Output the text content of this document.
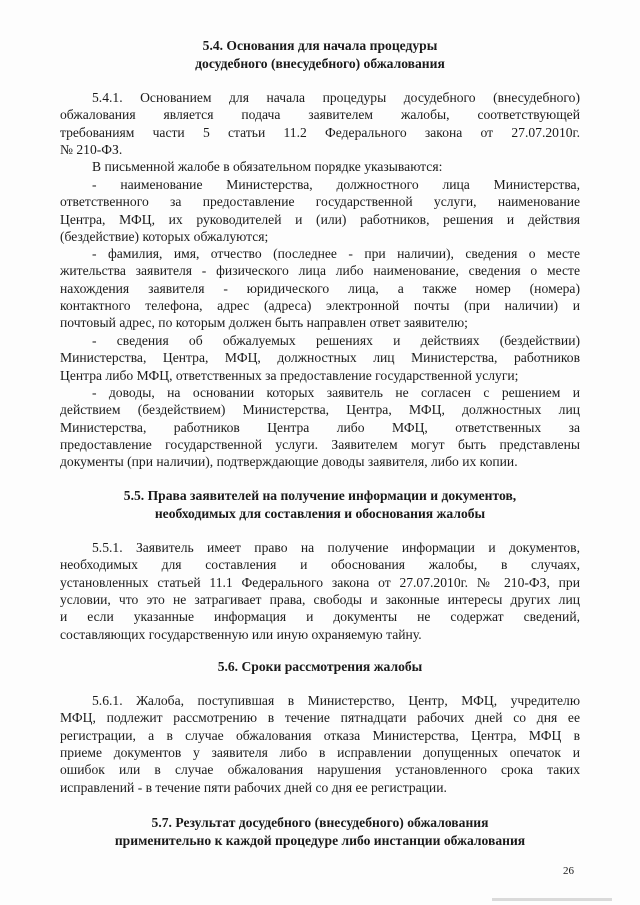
5.4. Основания для начала процедуры
досудебного (внесудебного) обжалования
5.4.1. Основанием для начала процедуры досудебного (внесудебного)
обжалования является подача заявителем жалобы, соответствующей
требованиям части 5 статьи 11.2 Федерального закона от 27.07.2010г.
№ 210-ФЗ.
В письменной жалобе в обязательном порядке указываются:
- наименование Министерства, должностного лица Министерства,
ответственного за предоставление государственной услуги, наименование
Центра, МФЦ, их руководителей и (или) работников, решения и действия
(бездействие) которых обжалуются;
- фамилия, имя, отчество (последнее - при наличии), сведения о месте
жительства заявителя - физического лица либо наименование, сведения о месте
нахождения заявителя - юридического лица, а также номер (номера)
контактного телефона, адрес (адреса) электронной почты (при наличии) и
почтовый адрес, по которым должен быть направлен ответ заявителю;
- сведения об обжалуемых решениях и действиях (бездействии)
Министерства, Центра, МФЦ, должностных лиц Министерства, работников
Центра либо МФЦ, ответственных за предоставление государственной услуги;
- доводы, на основании которых заявитель не согласен с решением и
действием (бездействием) Министерства, Центра, МФЦ, должностных лиц
Министерства, работников Центра либо МФЦ, ответственных за
предоставление государственной услуги. Заявителем могут быть представлены
документы (при наличии), подтверждающие доводы заявителя, либо их копии.
5.5. Права заявителей на получение информации и документов,
необходимых для составления и обоснования жалобы
5.5.1. Заявитель имеет право на получение информации и документов,
необходимых для составления и обоснования жалобы, в случаях,
установленных статьей 11.1 Федерального закона от 27.07.2010г. № 210-ФЗ, при
условии, что это не затрагивает права, свободы и законные интересы других лиц
и если указанные информация и документы не содержат сведений,
составляющих государственную или иную охраняемую тайну.
5.6. Сроки рассмотрения жалобы
5.6.1. Жалоба, поступившая в Министерство, Центр, МФЦ, учредителю
МФЦ, подлежит рассмотрению в течение пятнадцати рабочих дней со дня ее
регистрации, а в случае обжалования отказа Министерства, Центра, МФЦ в
приеме документов у заявителя либо в исправлении допущенных опечаток и
ошибок или в случае обжалования нарушения установленного срока таких
исправлений - в течение пяти рабочих дней со дня ее регистрации.
5.7. Результат досудебного (внесудебного) обжалования
применительно к каждой процедуре либо инстанции обжалования
26
